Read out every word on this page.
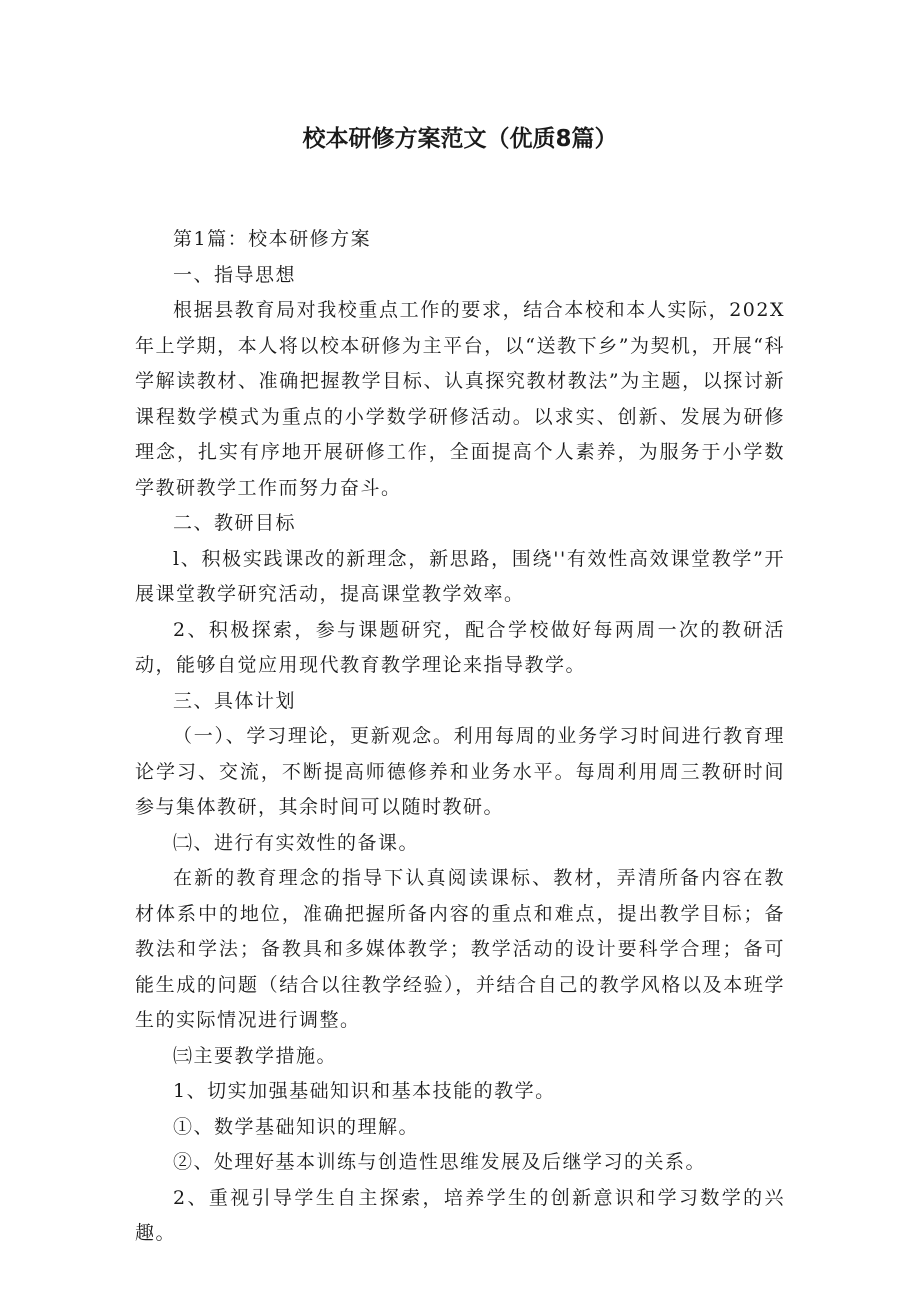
校本研修方案范文（优质8篇）

第1篇：校本研修方案

一、指导思想

根据县教育局对我校重点工作的要求，结合本校和本人实际，202X年上学期，本人将以校本研修为主平台，以“送教下乡”为契机，开展“科学解读教材、准确把握教学目标、认真探究教材教法”为主题，以探讨新课程数学模式为重点的小学数学研修活动。以求实、创新、发展为研修理念，扎实有序地开展研修工作，全面提高个人素养，为服务于小学数学教研教学工作而努力奋斗。

二、教研目标

l、积极实践课改的新理念，新思路，围绕''有效性高效课堂教学”开展课堂教学研究活动，提高课堂教学效率。

2、积极探索，参与课题研究，配合学校做好每两周一次的教研活动，能够自觉应用现代教育教学理论来指导教学。

三、具体计划

（一）、学习理论，更新观念。利用每周的业务学习时间进行教育理论学习、交流，不断提高师德修养和业务水平。每周利用周三教研时间参与集体教研，其余时间可以随时教研。

㈡、进行有实效性的备课。

在新的教育理念的指导下认真阅读课标、教材，弄清所备内容在教材体系中的地位，准确把握所备内容的重点和难点，提出教学目标；备教法和学法；备教具和多媒体教学；教学活动的设计要科学合理；备可能生成的问题（结合以往教学经验），并结合自己的教学风格以及本班学生的实际情况进行调整。

㈢主要教学措施。

1、切实加强基础知识和基本技能的教学。

①、数学基础知识的理解。

②、处理好基本训练与创造性思维发展及后继学习的关系。

2、重视引导学生自主探索，培养学生的创新意识和学习数学的兴趣。
